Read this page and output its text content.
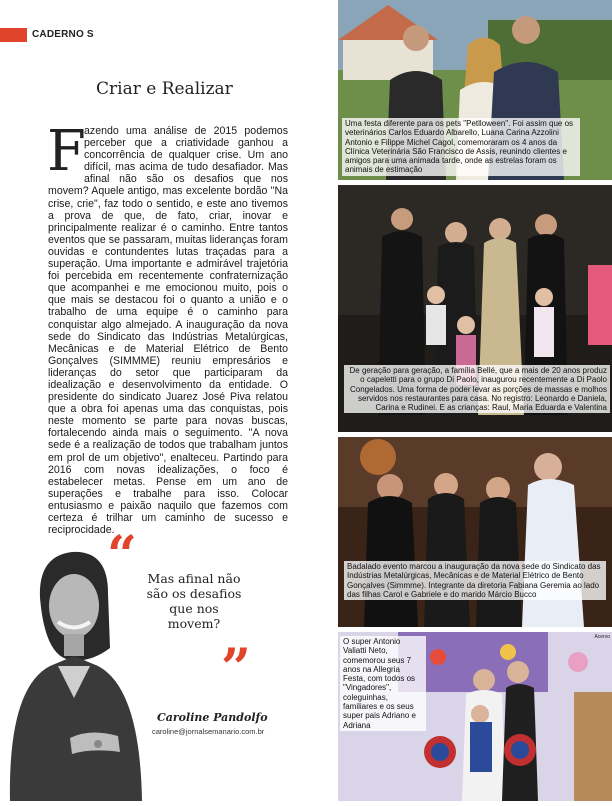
CADERNO S
Criar e Realizar
F
azendo uma análise de 2015 podemos perceber que a criatividade ganhou a concorrência de qualquer crise. Um ano difícil, mas acima de tudo desafiador. Mas afinal não são os desafios que nos movem? Aquele antigo, mas excelente bordão "Na crise, crie", faz todo o sentido, e este ano tivemos a prova de que, de fato, criar, inovar e principalmente realizar é o caminho. Entre tantos eventos que se passaram, muitas lideranças foram ouvidas e contundentes lutas traçadas para a superação. Uma importante e admirável trajetória foi percebida em recentemente confraternização que acompanhei e me emocionou muito, pois o que mais se destacou foi o quanto a união e o trabalho de uma equipe é o caminho para conquistar algo almejado. A inauguração da nova sede do Sindicato das Indústrias Metalúrgicas, Mecânicas e de Material Elétrico de Bento Gonçalves (SIMMME) reuniu empresários e lideranças do setor que participaram da idealização e desenvolvimento da entidade. O presidente do sindicato Juarez José Piva relatou que a obra foi apenas uma das conquistas, pois neste momento se parte para novas buscas, fortalecendo ainda mais o seguimento. "A nova sede é a realização de todos que trabalham juntos em prol de um objetivo", enalteceu. Partindo para 2016 com novas idealizações, o foco é estabelecer metas. Pense em um ano de superações e trabalhe para isso. Colocar entusiasmo e paixão naquilo que fazemos com certeza é trilhar um caminho de sucesso e reciprocidade.
“ Mas afinal não são os desafios que nos movem?
”
Caroline Pandolfo
caroline@jornalsemanario.com.br
Uma festa diferente para os pets "Petlloween". Foi assim que os veterinários Carlos Eduardo Albarello, Luana Carina Azzolini Antonio e Filippe Michel Cagol, comemoraram os 4 anos da Clínica Veterinária São Francisco de Assis, reunindo clientes e amigos para uma animada tarde, onde as estrelas foram os animais de estimação
De geração para geração, a família Bellé, que a mais de 20 anos produz o capeletti para o grupo Di Paolo, inaugurou recentemente a Di Paolo Congelados. Uma forma de poder levar as porções de massas e molhos servidos nos restaurantes para casa. No registro: Leonardo e Daniela, Carina e Rudinei. E as crianças: Raul, Maria Eduarda e Valentina
Badalado evento marcou a inauguração da nova sede do Sindicato das Indústrias Metalúrgicas, Mecânicas e de Material Elétrico de Bento Gonçalves (Simmme). Integrante da diretoria Fabiana Geremia ao lado das filhas Carol e Gabriele e do marido Márcio Bucco
O super Antonio Valiatti Neto, comemorou seus 7 anos na Allegria Festa, com todos os "Vingadores", coleguinhas, familiares e os seus super pais Adriano e Adriana
Acervo
